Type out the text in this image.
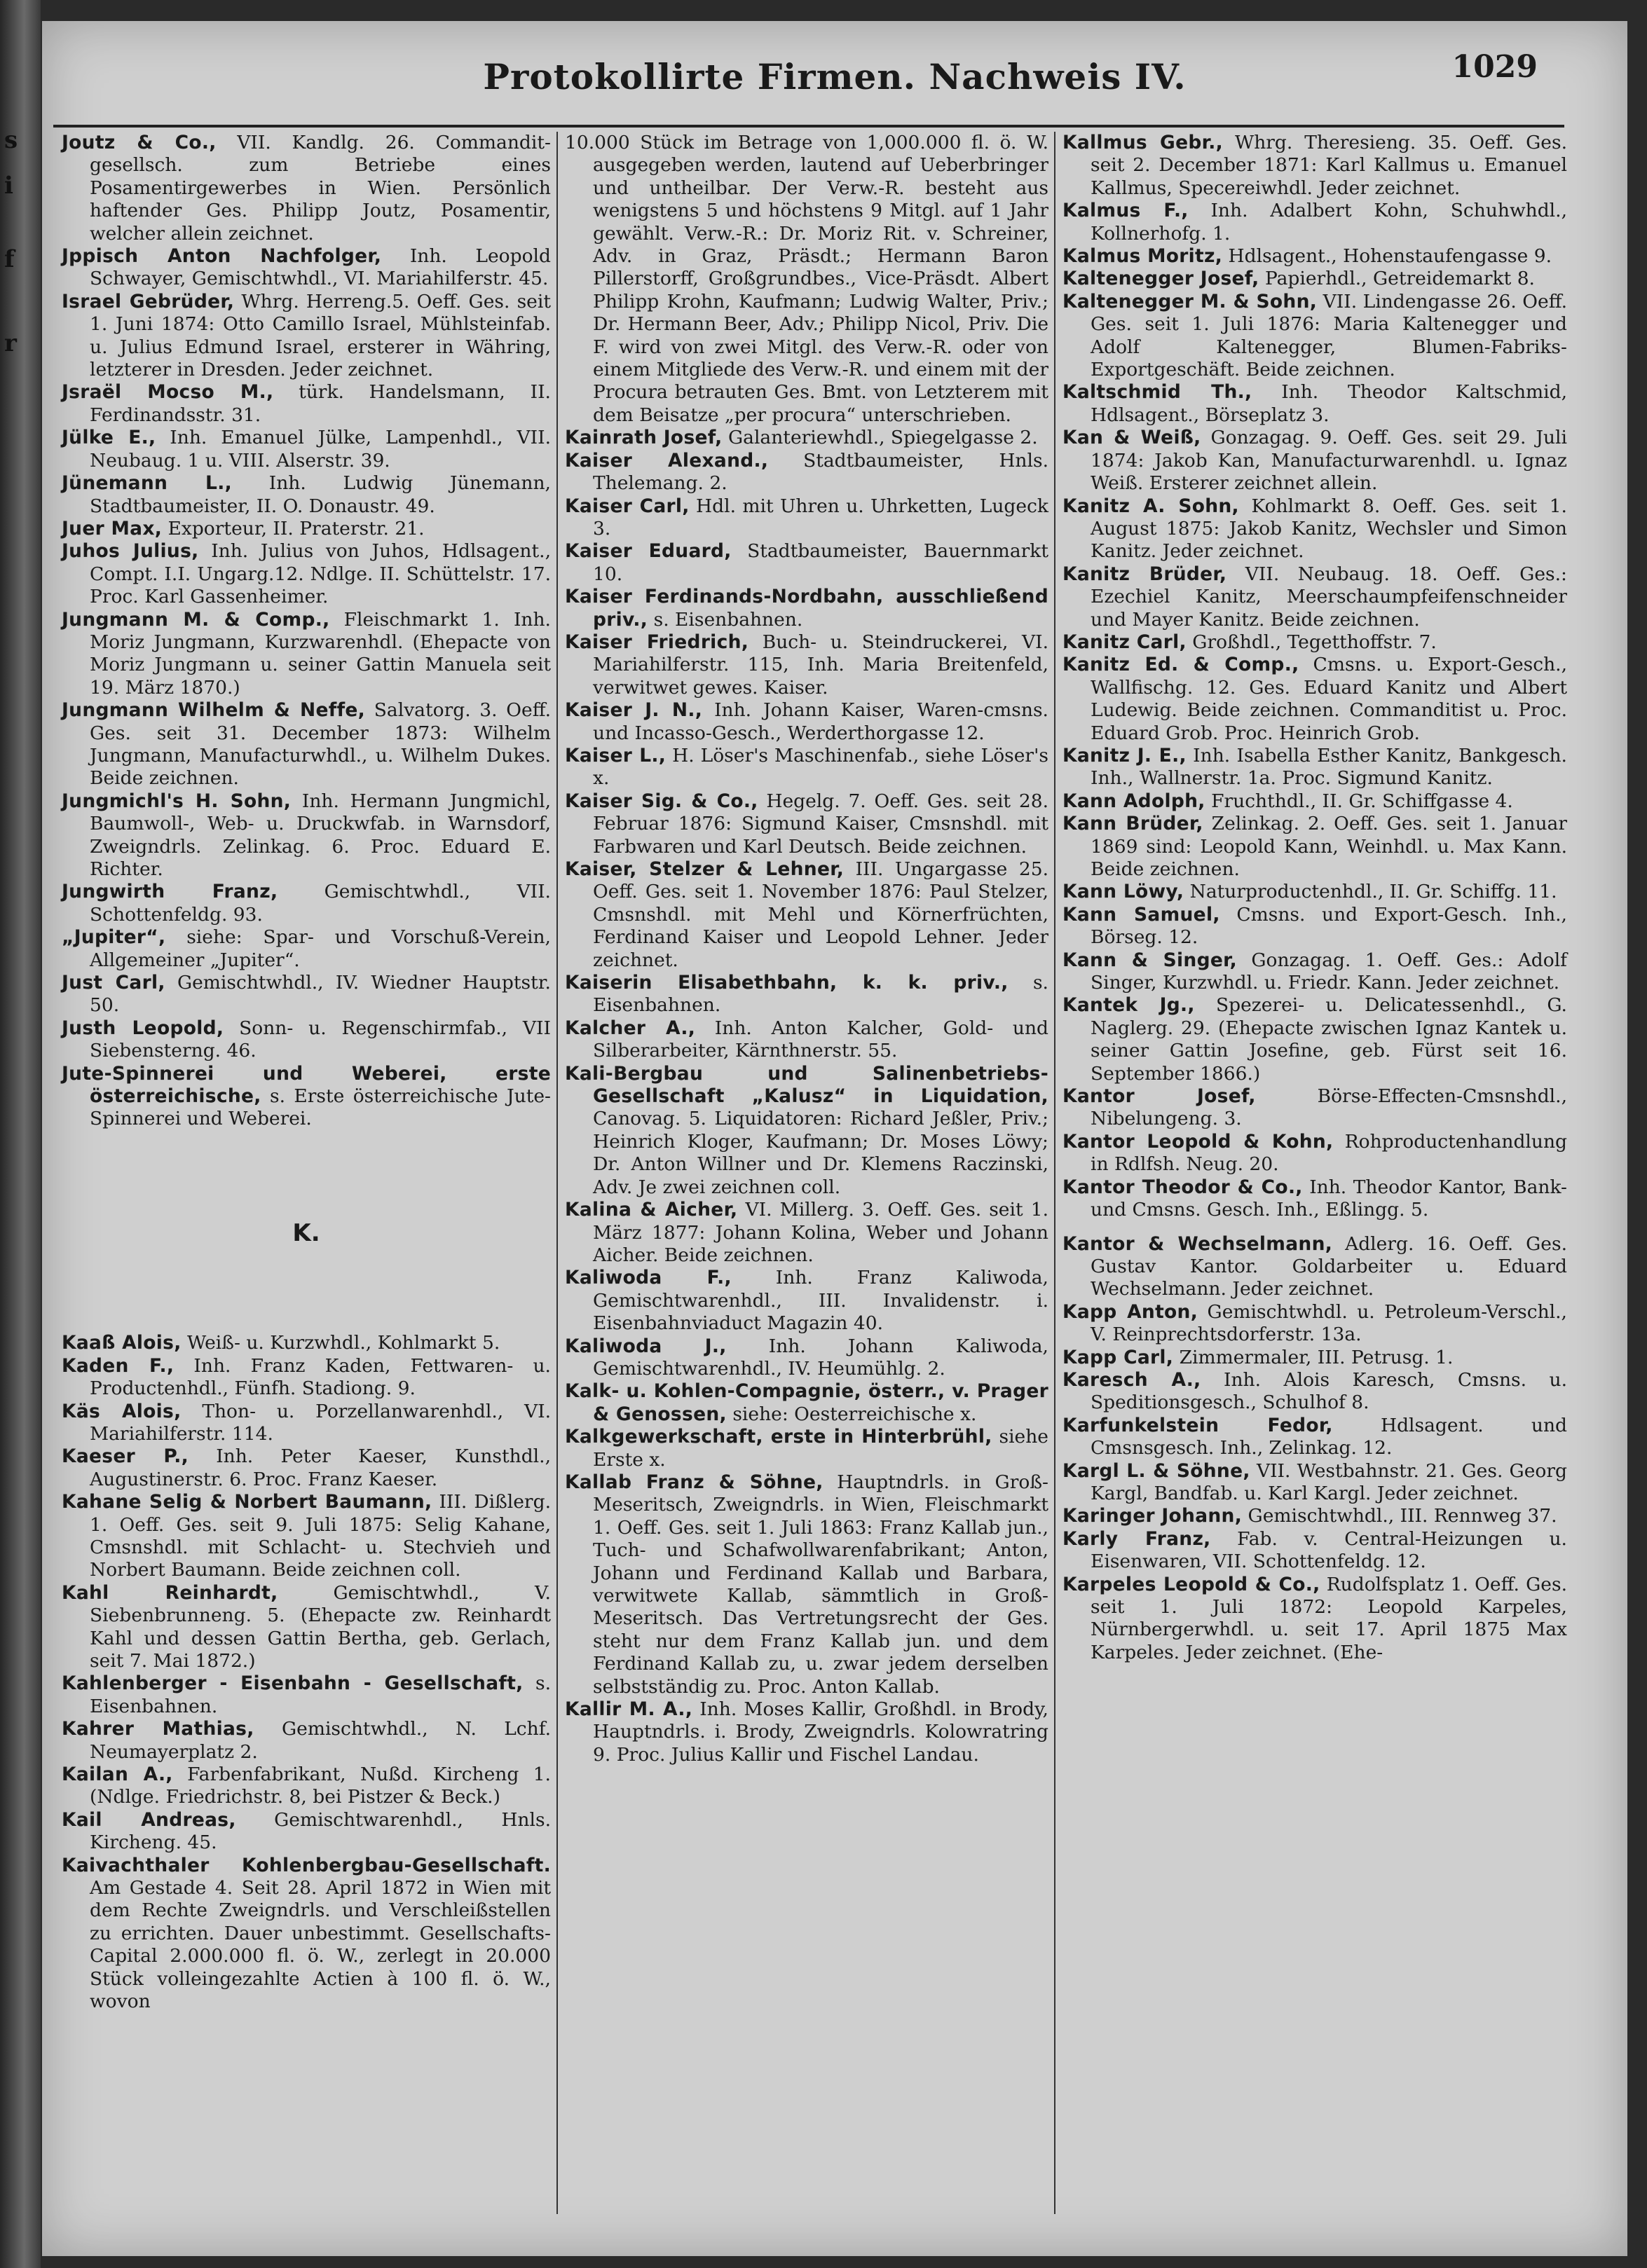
s
i
f
r
Protokollirte Firmen. Nachweis IV.	1029

Joutz & Co., VII. Kandlg. 26. Commandit-gesellsch. zum Betriebe eines Posamentirgewerbes in Wien. Persönlich haftender Ges. Philipp Joutz, Posamentir, welcher allein zeichnet.

Jppisch Anton Nachfolger, Inh. Leopold Schwayer, Gemischtwhdl., VI. Mariahilferstr. 45.

Israel Gebrüder, Whrg. Herreng.5. Oeff. Ges. seit 1. Juni 1874: Otto Camillo Israel, Mühlsteinfab. u. Julius Edmund Israel, ersterer in Währing, letzterer in Dresden. Jeder zeichnet.

Jsraël Mocso M., türk. Handelsmann, II. Ferdinandsstr. 31.

Jülke E., Inh. Emanuel Jülke, Lampenhdl., VII. Neubaug. 1 u. VIII. Alserstr. 39.

Jünemann L., Inh. Ludwig Jünemann, Stadtbaumeister, II. O. Donaustr. 49.

Juer Max, Exporteur, II. Praterstr. 21.

Juhos Julius, Inh. Julius von Juhos, Hdlsagent., Compt. I.I. Ungarg.12. Ndlge. II. Schüttelstr. 17. Proc. Karl Gassenheimer.

Jungmann M. & Comp., Fleischmarkt 1. Inh. Moriz Jungmann, Kurzwarenhdl. (Ehepacte von Moriz Jungmann u. seiner Gattin Manuela seit 19. März 1870.)

Jungmann Wilhelm & Neffe, Salvatorg. 3. Oeff. Ges. seit 31. December 1873: Wilhelm Jungmann, Manufacturwhdl., u. Wilhelm Dukes. Beide zeichnen.

Jungmichl's H. Sohn, Inh. Hermann Jungmichl, Baumwoll-, Web- u. Druckwfab. in Warnsdorf, Zweigndrls. Zelinkag. 6. Proc. Eduard E. Richter.

Jungwirth Franz,	Gemischtwhdl., VII. Schottenfeldg. 93.

„Jupiter“, siehe: Spar- und Vorschuß-Verein, Allgemeiner „Jupiter“.

Just Carl, Gemischtwhdl., IV. Wiedner Hauptstr. 50.

Justh Leopold, Sonn- u. Regenschirmfab., VII Siebensterng. 46.

Jute-Spinnerei und Weberei, erste österreichische, s. Erste österreichische Jute-Spinnerei und Weberei.

K.

Kaaß Alois, Weiß- u. Kurzwhdl., Kohlmarkt 5.

Kaden F., Inh. Franz Kaden, Fettwaren- u. Productenhdl., Fünfh. Stadiong. 9.

Käs Alois, Thon- u. Porzellanwarenhdl., VI. Mariahilferstr. 114.

Kaeser P., Inh. Peter Kaeser, Kunsthdl., Augustinerstr. 6. Proc. Franz Kaeser.

Kahane Selig & Norbert Baumann, III. Dißlerg. 1. Oeff. Ges. seit 9. Juli 1875: Selig Kahane, Cmsnshdl. mit Schlacht- u. Stechvieh und Norbert Baumann. Beide zeichnen coll.

Kahl Reinhardt,	Gemischtwhdl., V. Siebenbrunneng. 5. (Ehepacte zw. Reinhardt Kahl und dessen Gattin Bertha, geb. Gerlach, seit 7. Mai 1872.)

Kahlenberger - Eisenbahn - Gesellschaft, s. Eisenbahnen.

Kahrer Mathias, Gemischtwhdl., N. Lchf. Neumayerplatz 2.

Kailan A., Farbenfabrikant, Nußd. Kircheng 1. (Ndlge. Friedrichstr. 8, bei Pistzer & Beck.)

Kail Andreas, Gemischtwarenhdl., Hnls. Kircheng. 45.

Kaivachthaler Kohlenbergbau-Gesellschaft. Am Gestade 4. Seit 28. April 1872 in Wien mit dem Rechte Zweigndrls. und Verschleißstellen zu errichten. Dauer unbestimmt. Gesellschafts-Capital 2.000.000 fl. ö. W., zerlegt in 20.000 Stück volleingezahlte Actien à 100 fl. ö. W., wovon

10.000 Stück im Betrage von 1,000.000 fl. ö. W. ausgegeben werden, lautend auf Ueberbringer und untheilbar. Der Verw.-R. besteht aus wenigstens 5 und höchstens 9 Mitgl. auf 1 Jahr gewählt. Verw.-R.: Dr. Moriz Rit. v. Schreiner, Adv. in Graz, Präsdt.; Hermann Baron Pillerstorff, Großgrundbes., Vice-Präsdt. Albert Philipp Krohn, Kaufmann; Ludwig Walter, Priv.; Dr. Hermann Beer, Adv.; Philipp Nicol, Priv. Die F. wird von zwei Mitgl. des Verw.-R. oder von einem Mitgliede des Verw.-R. und einem mit der Procura betrauten Ges. Bmt. von Letzterem mit dem Beisatze „per procura“ unterschrieben.

Kainrath Josef, Galanteriewhdl., Spiegelgasse 2.

Kaiser Alexand., Stadtbaumeister, Hnls. Thelemang. 2.

Kaiser Carl, Hdl. mit Uhren u. Uhrketten, Lugeck 3.

Kaiser Eduard, Stadtbaumeister, Bauernmarkt 10.

Kaiser Ferdinands-Nordbahn, ausschließend priv., s. Eisenbahnen.

Kaiser Friedrich, Buch- u. Steindruckerei, VI. Mariahilferstr. 115, Inh. Maria Breitenfeld, verwitwet gewes. Kaiser.

Kaiser J. N., Inh. Johann Kaiser, Waren-cmsns. und Incasso-Gesch., Werderthorgasse 12.

Kaiser L., H. Löser's Maschinenfab., siehe Löser's x.

Kaiser Sig. & Co., Hegelg. 7. Oeff. Ges. seit 28. Februar 1876: Sigmund Kaiser, Cmsnshdl. mit Farbwaren und Karl Deutsch. Beide zeichnen.

Kaiser, Stelzer & Lehner, III. Ungargasse 25. Oeff. Ges. seit 1. November 1876: Paul Stelzer, Cmsnshdl. mit Mehl und Körnerfrüchten, Ferdinand Kaiser und Leopold Lehner. Jeder zeichnet.

Kaiserin Elisabethbahn, k. k. priv., s. Eisenbahnen.

Kalcher A., Inh. Anton Kalcher, Gold- und Silberarbeiter, Kärnthnerstr. 55.

Kali-Bergbau und Salinenbetriebs-Gesellschaft „Kalusz“ in Liquidation, Canovag. 5. Liquidatoren: Richard Jeßler, Priv.; Heinrich Kloger, Kaufmann; Dr. Moses Löwy; Dr. Anton Willner und Dr. Klemens Raczinski, Adv. Je zwei zeichnen coll.

Kalina & Aicher, VI. Millerg. 3. Oeff. Ges. seit 1. März 1877: Johann Kolina, Weber und Johann Aicher. Beide zeichnen.

Kaliwoda F., Inh. Franz Kaliwoda, Gemischtwarenhdl., III. Invalidenstr. i. Eisenbahnviaduct Magazin 40.

Kaliwoda J., Inh. Johann Kaliwoda, Gemischtwarenhdl., IV. Heumühlg. 2.

Kalk- u. Kohlen-Compagnie, österr., v. Prager & Genossen, siehe: Oesterreichische x.

Kalkgewerkschaft, erste in Hinterbrühl, siehe Erste x.

Kallab Franz & Söhne, Hauptndrls. in Groß-Meseritsch, Zweigndrls. in Wien, Fleischmarkt 1. Oeff. Ges. seit 1. Juli 1863: Franz Kallab jun., Tuch- und Schafwollwarenfabrikant; Anton, Johann und Ferdinand Kallab und Barbara, verwitwete Kallab, sämmtlich in Groß-Meseritsch. Das Vertretungsrecht der Ges. steht nur dem Franz Kallab jun. und dem Ferdinand Kallab zu, u. zwar jedem derselben selbstständig zu. Proc. Anton Kallab.

Kallir M. A., Inh. Moses Kallir, Großhdl. in Brody, Hauptndrls. i. Brody, Zweigndrls. Kolowratring 9. Proc. Julius Kallir und Fischel Landau.

Kallmus Gebr., Whrg. Theresieng. 35. Oeff. Ges. seit 2. December 1871: Karl Kallmus u. Emanuel Kallmus, Specereiwhdl. Jeder zeichnet.

Kalmus F., Inh. Adalbert Kohn, Schuhwhdl., Kollnerhofg. 1.

Kalmus Moritz, Hdlsagent., Hohenstaufengasse 9.

Kaltenegger Josef, Papierhdl., Getreidemarkt 8.

Kaltenegger M. & Sohn, VII. Lindengasse 26. Oeff. Ges. seit 1. Juli 1876: Maria Kaltenegger und Adolf Kaltenegger, Blumen-Fabriks-Exportgeschäft. Beide zeichnen.

Kaltschmid Th., Inh. Theodor Kaltschmid, Hdlsagent., Börseplatz 3.

Kan & Weiß, Gonzagag. 9. Oeff. Ges. seit 29. Juli 1874: Jakob Kan, Manufacturwarenhdl. u. Ignaz Weiß. Ersterer zeichnet allein.

Kanitz A. Sohn, Kohlmarkt 8. Oeff. Ges. seit 1. August 1875: Jakob Kanitz, Wechsler und Simon Kanitz. Jeder zeichnet.

Kanitz Brüder, VII. Neubaug. 18. Oeff. Ges.: Ezechiel Kanitz, Meerschaumpfeifenschneider und Mayer Kanitz. Beide zeichnen.

Kanitz Carl, Großhdl., Tegetthoffstr. 7.

Kanitz Ed. & Comp., Cmsns. u. Export-Gesch., Wallfischg. 12. Ges. Eduard Kanitz und Albert Ludewig. Beide zeichnen. Commanditist u. Proc. Eduard Grob. Proc. Heinrich Grob.

Kanitz J. E., Inh. Isabella Esther Kanitz, Bankgesch. Inh., Wallnerstr. 1a. Proc. Sigmund Kanitz.

Kann Adolph, Fruchthdl., II. Gr. Schiffgasse 4.

Kann Brüder, Zelinkag. 2. Oeff. Ges. seit 1. Januar 1869 sind: Leopold Kann, Weinhdl. u. Max Kann. Beide zeichnen.

Kann Löwy, Naturproductenhdl., II. Gr. Schiffg. 11.

Kann Samuel, Cmsns. und Export-Gesch. Inh., Börseg. 12.

Kann & Singer, Gonzagag. 1. Oeff. Ges.: Adolf Singer, Kurzwhdl. u. Friedr. Kann. Jeder zeichnet.

Kantek Jg., Spezerei- u. Delicatessenhdl., G. Naglerg. 29. (Ehepacte zwischen Ignaz Kantek u. seiner Gattin Josefine, geb. Fürst seit 16. September 1866.)

Kantor Josef,	Börse-Effecten-Cmsnshdl., Nibelungeng. 3.

Kantor Leopold & Kohn, Rohproductenhandlung in Rdlfsh. Neug. 20.

Kantor Theodor & Co., Inh. Theodor Kantor, Bank- und Cmsns. Gesch. Inh., Eßlingg. 5.

Kantor & Wechselmann, Adlerg. 16. Oeff. Ges. Gustav Kantor. Goldarbeiter u. Eduard Wechselmann. Jeder zeichnet.

Kapp Anton, Gemischtwhdl. u. Petroleum-Verschl., V. Reinprechtsdorferstr. 13a.

Kapp Carl, Zimmermaler, III. Petrusg. 1.

Karesch A., Inh. Alois Karesch, Cmsns. u. Speditionsgesch., Schulhof 8.

Karfunkelstein Fedor,	Hdlsagent. und Cmsnsgesch. Inh., Zelinkag. 12.

Kargl L. & Söhne, VII. Westbahnstr. 21. Ges. Georg Kargl, Bandfab. u. Karl Kargl. Jeder zeichnet.

Karinger Johann, Gemischtwhdl., III. Rennweg 37.

Karly Franz, Fab. v. Central-Heizungen u. Eisenwaren, VII. Schottenfeldg. 12.

Karpeles Leopold & Co., Rudolfsplatz 1. Oeff. Ges. seit 1. Juli 1872: Leopold Karpeles, Nürnbergerwhdl. u. seit 17. April 1875 Max Karpeles. Jeder zeichnet. (Ehe-
